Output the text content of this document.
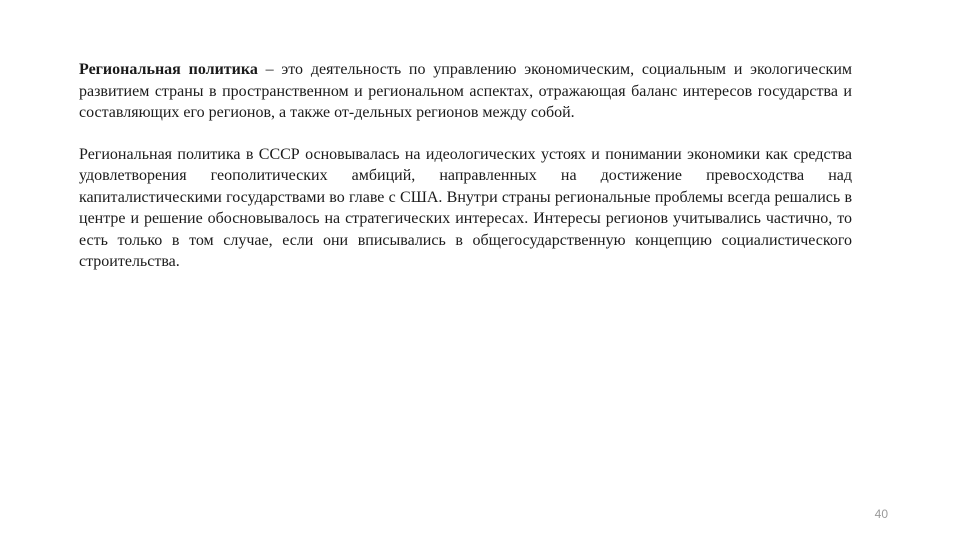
Региональная политика – это деятельность по управлению экономическим, социальным и экологическим развитием страны в пространственном и региональном аспектах, отражающая баланс интересов государства и составляющих его регионов, а также от-дельных регионов между собой.

Региональная политика в СССР основывалась на идеологических устоях и понимании экономики как средства удовлетворения геополитических амбиций, направленных на достижение превосходства над капиталистическими государствами во главе с США. Внутри страны региональные проблемы всегда решались в центре и решение обосновывалось на стратегических интересах. Интересы регионов учитывались частично, то есть только в том случае, если они вписывались в общегосударственную концепцию социалистического строительства.

40
